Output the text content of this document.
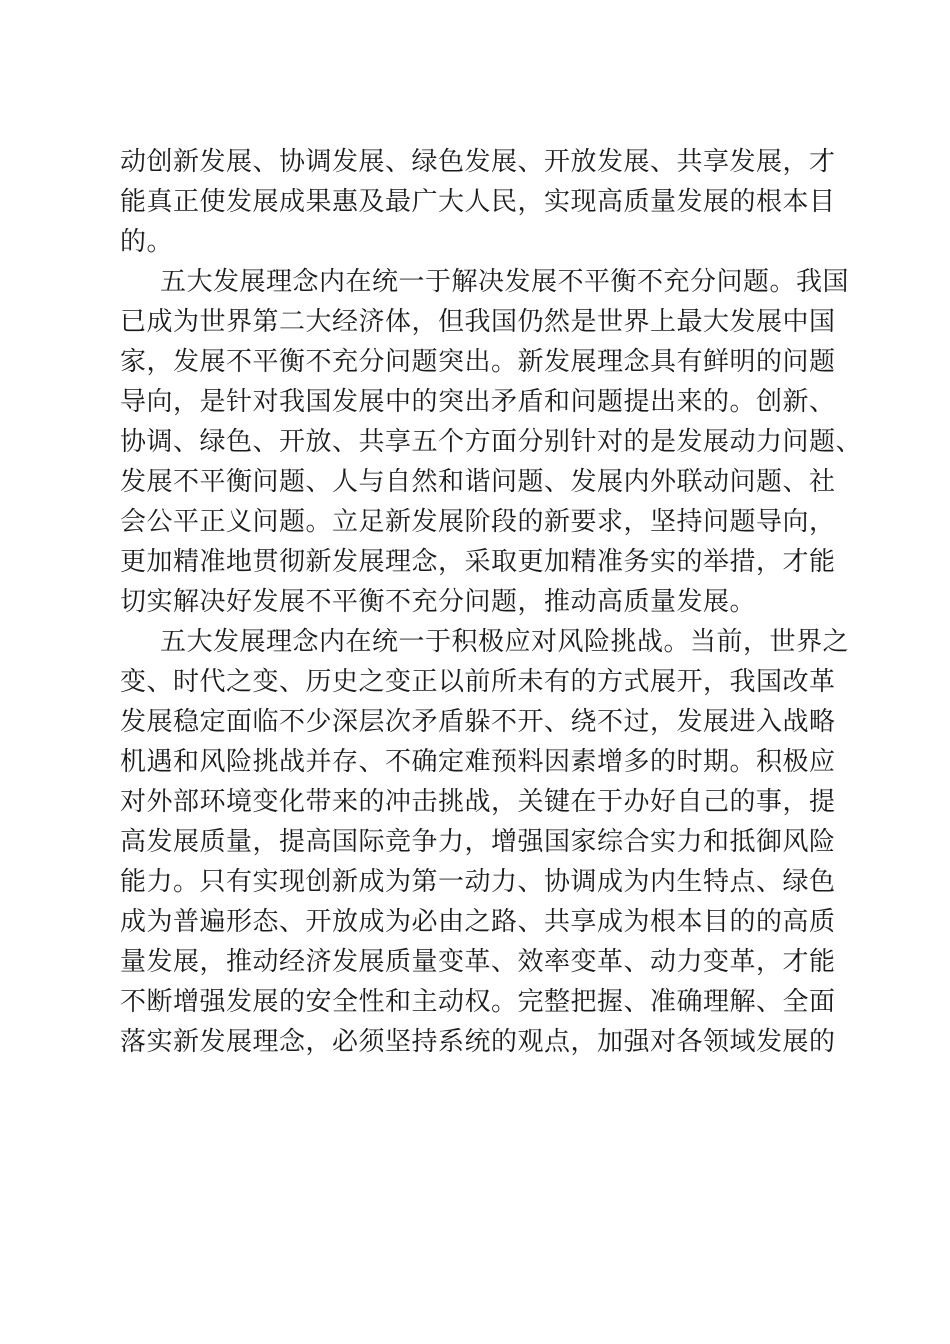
动创新发展、协调发展、绿色发展、开放发展、共享发展，才
能真正使发展成果惠及最广大人民，实现高质量发展的根本目
的。
五大发展理念内在统一于解决发展不平衡不充分问题。我国
已成为世界第二大经济体，但我国仍然是世界上最大发展中国
家，发展不平衡不充分问题突出。新发展理念具有鲜明的问题
导向，是针对我国发展中的突出矛盾和问题提出来的。创新、
协调、绿色、开放、共享五个方面分别针对的是发展动力问题、
发展不平衡问题、人与自然和谐问题、发展内外联动问题、社
会公平正义问题。立足新发展阶段的新要求，坚持问题导向，
更加精准地贯彻新发展理念，采取更加精准务实的举措，才能
切实解决好发展不平衡不充分问题，推动高质量发展。
五大发展理念内在统一于积极应对风险挑战。当前，世界之
变、时代之变、历史之变正以前所未有的方式展开，我国改革
发展稳定面临不少深层次矛盾躲不开、绕不过，发展进入战略
机遇和风险挑战并存、不确定难预料因素增多的时期。积极应
对外部环境变化带来的冲击挑战，关键在于办好自己的事，提
高发展质量，提高国际竞争力，增强国家综合实力和抵御风险
能力。只有实现创新成为第一动力、协调成为内生特点、绿色
成为普遍形态、开放成为必由之路、共享成为根本目的的高质
量发展，推动经济发展质量变革、效率变革、动力变革，才能
不断增强发展的安全性和主动权。完整把握、准确理解、全面
落实新发展理念，必须坚持系统的观点，加强对各领域发展的
